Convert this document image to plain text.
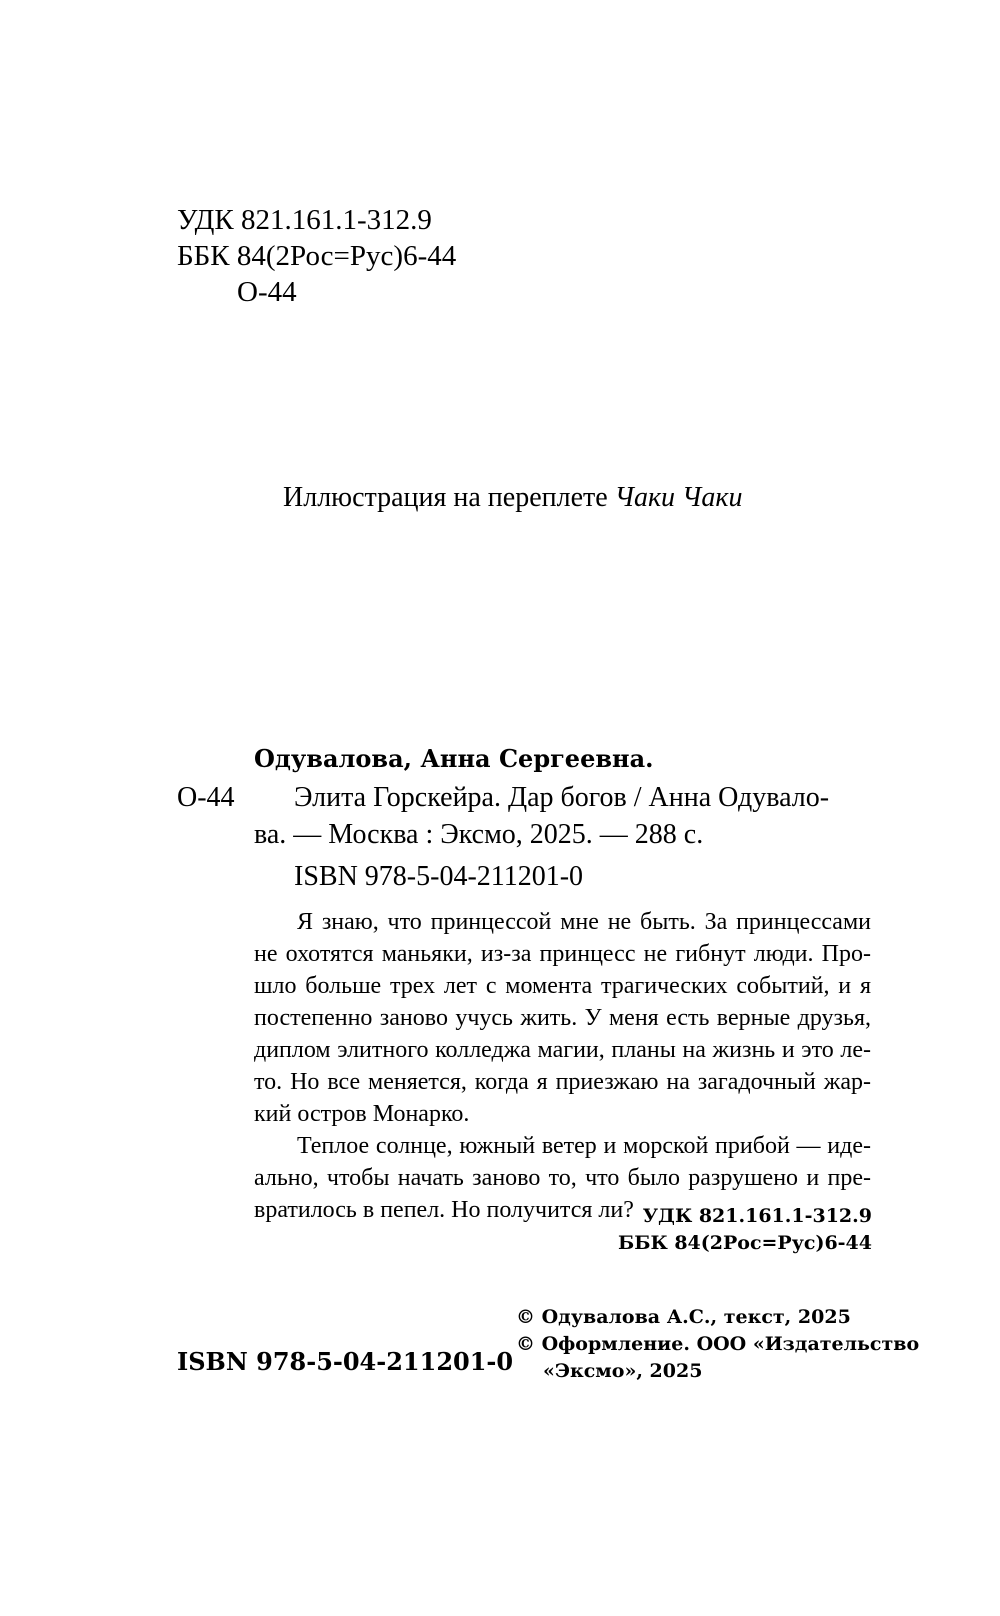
УДК 821.161.1-312.9
ББК 84(2Рос=Рус)6-44
О-44
Иллюстрация на переплете Чаки Чаки
Одувалова, Анна Сергеевна.
О-44 Элита Горскейра. Дар богов / Анна Одувало-
ва. — Москва : Эксмо, 2025. — 288 с.
ISBN 978-5-04-211201-0
Я знаю, что принцессой мне не быть. За принцессами
не охотятся маньяки, из-за принцесс не гибнут люди. Про-
шло больше трех лет с момента трагических событий, и я
постепенно заново учусь жить. У меня есть верные друзья,
диплом элитного колледжа магии, планы на жизнь и это ле-
то. Но все меняется, когда я приезжаю на загадочный жар-
кий остров Монарко.
Теплое солнце, южный ветер и морской прибой — иде-
ально, чтобы начать заново то, что было разрушено и пре-
вратилось в пепел. Но получится ли? УДК 821.161.1-312.9
ББК 84(2Рос=Рус)6-44
ISBN 978-5-04-211201-0
© Одувалова А.С., текст, 2025
© Оформление. ООО «Издательство
«Эксмо», 2025
